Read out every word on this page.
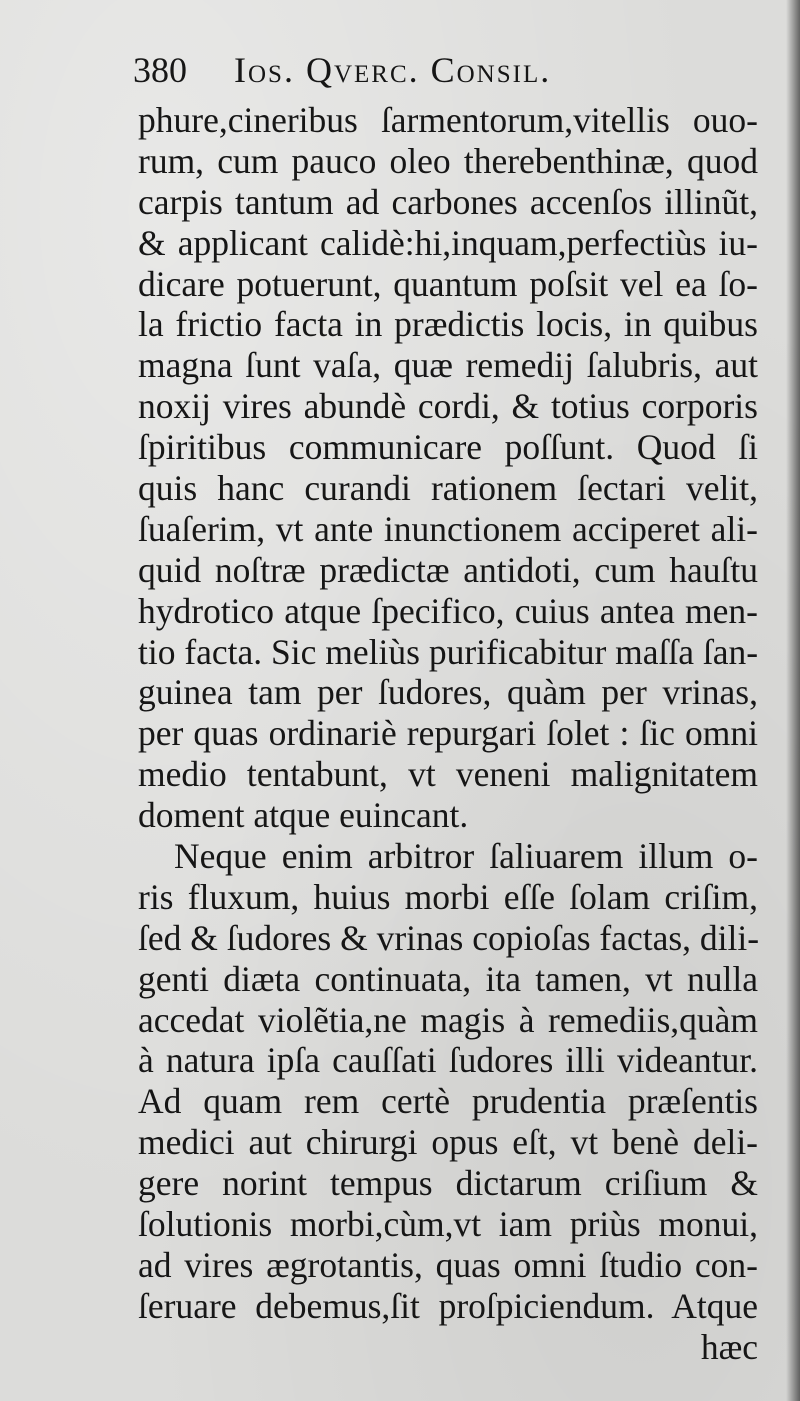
380 Ios. Qverc. Consil.
phure,cineribus ſarmentorum,vitellis ouo-
rum, cum pauco oleo therebenthinæ, quod
carpis tantum ad carbones accenſos illinũt,
& applicant calidè:hi,inquam,perfectiùs iu-
dicare potuerunt, quantum poſsit vel ea ſo-
la frictio facta in prædictis locis, in quibus
magna ſunt vaſa, quæ remedij ſalubris, aut
noxij vires abundè cordi, & totius corporis
ſpiritibus communicare poſſunt. Quod ſi
quis hanc curandi rationem ſectari velit,
ſuaſerim, vt ante inunctionem acciperet ali-
quid noſtræ prædictæ antidoti, cum hauſtu
hydrotico atque ſpecifico, cuius antea men-
tio facta. Sic meliùs purificabitur maſſa ſan-
guinea tam per ſudores, quàm per vrinas,
per quas ordinariè repurgari ſolet : ſic omni
medio tentabunt, vt veneni malignitatem
doment atque euincant.
Neque enim arbitror ſaliuarem illum o-
ris fluxum, huius morbi eſſe ſolam criſim,
ſed & ſudores & vrinas copioſas factas, dili-
genti diæta continuata, ita tamen, vt nulla
accedat violẽtia,ne magis à remediis,quàm
à natura ipſa cauſſati ſudores illi videantur.
Ad quam rem certè prudentia præſentis
medici aut chirurgi opus eſt, vt benè deli-
gere norint tempus dictarum criſium &
ſolutionis morbi,cùm,vt iam priùs monui,
ad vires ægrotantis, quas omni ſtudio con-
ſeruare debemus,ſit proſpiciendum. Atque
hæc
